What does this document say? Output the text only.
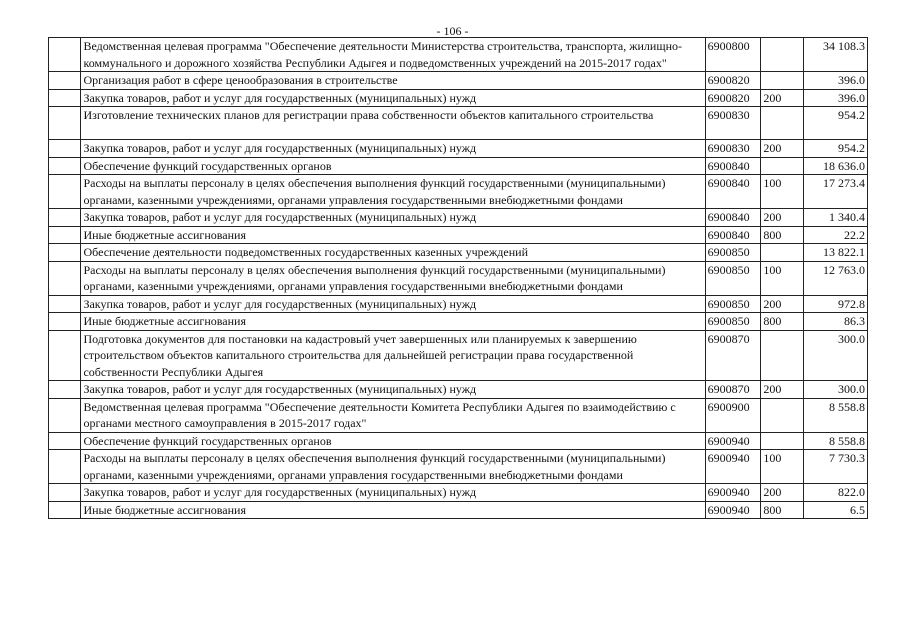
- 106 -
	Ведомственная целевая программа "Обеспечение деятельности Министерства строительства, транспорта, жилищно-коммунального и дорожного хозяйства Республики Адыгея и подведомственных учреждений на 2015-2017 годах"	6900800		34 108.3
	Организация работ в сфере ценообразования в строительстве	6900820		396.0
	Закупка товаров, работ и услуг для государственных (муниципальных) нужд	6900820	200	396.0
	Изготовление технических планов для регистрации права собственности объектов капитального строительства	6900830		954.2
	Закупка товаров, работ и услуг для государственных (муниципальных) нужд	6900830	200	954.2
	Обеспечение функций государственных органов	6900840		18 636.0
	Расходы на выплаты персоналу в целях обеспечения выполнения функций государственными (муниципальными) органами, казенными учреждениями, органами управления государственными внебюджетными фондами	6900840	100	17 273.4
	Закупка товаров, работ и услуг для государственных (муниципальных) нужд	6900840	200	1 340.4
	Иные бюджетные ассигнования	6900840	800	22.2
	Обеспечение деятельности подведомственных государственных казенных учреждений	6900850		13 822.1
	Расходы на выплаты персоналу в целях обеспечения выполнения функций государственными (муниципальными) органами, казенными учреждениями, органами управления государственными внебюджетными фондами	6900850	100	12 763.0
	Закупка товаров, работ и услуг для государственных (муниципальных) нужд	6900850	200	972.8
	Иные бюджетные ассигнования	6900850	800	86.3
	Подготовка документов для постановки на кадастровый учет завершенных или планируемых к завершению строительством объектов капитального строительства для дальнейшей регистрации права государственной собственности Республики Адыгея	6900870		300.0
	Закупка товаров, работ и услуг для государственных (муниципальных) нужд	6900870	200	300.0
	Ведомственная целевая программа "Обеспечение деятельности Комитета Республики Адыгея по взаимодействию с органами местного самоуправления в 2015-2017 годах"	6900900		8 558.8
	Обеспечение функций государственных органов	6900940		8 558.8
	Расходы на выплаты персоналу в целях обеспечения выполнения функций государственными (муниципальными) органами, казенными учреждениями, органами управления государственными внебюджетными фондами	6900940	100	7 730.3
	Закупка товаров, работ и услуг для государственных (муниципальных) нужд	6900940	200	822.0
	Иные бюджетные ассигнования	6900940	800	6.5
